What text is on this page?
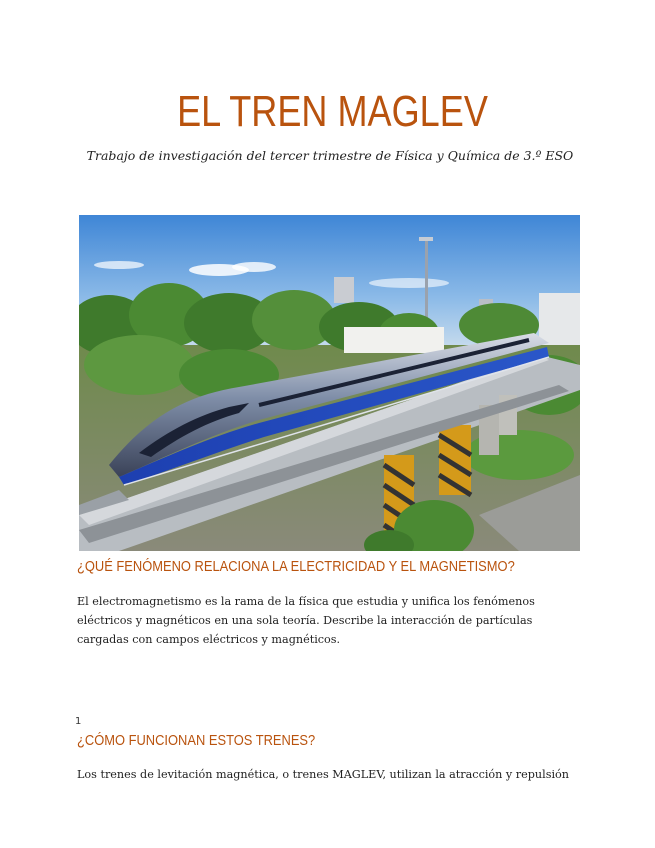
EL TREN MAGLEV

Trabajo de investigación del tercer trimestre de Física y Química de 3.º ESO

¿QUÉ FENÓMENO RELACIONA LA ELECTRICIDAD Y EL MAGNETISMO?

El electromagnetismo es la rama de la física que estudia y unifica los fenómenos eléctricos y magnéticos en una sola teoría. Describe la interacción de partículas cargadas con campos eléctricos y magnéticos.

1
¿CÓMO FUNCIONAN ESTOS TRENES?

Los trenes de levitación magnética, o trenes MAGLEV, utilizan la atracción y repulsión
